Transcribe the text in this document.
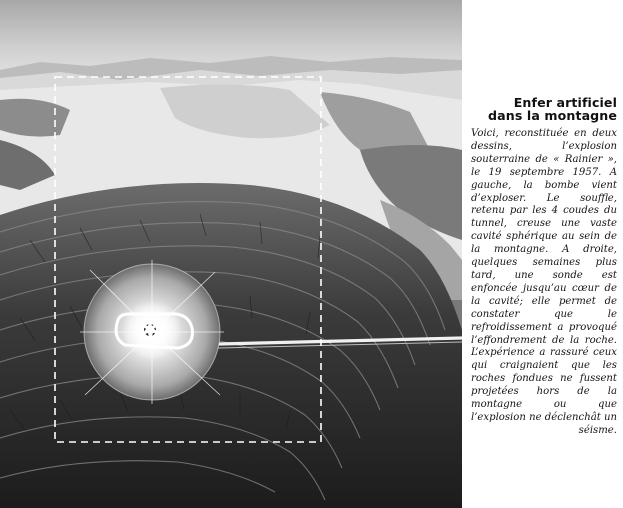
Enfer artificiel
dans la montagne

Voici, reconstituée en deux dessins, l’explosion souterraine de « Rainier », le 19 septembre 1957. A gauche, la bombe vient d’exploser. Le souffle, retenu par les 4 coudes du tunnel, creuse une vaste cavité sphérique au sein de la montagne. A droite, quelques semaines plus tard, une sonde est enfoncée jusqu’au cœur de la cavité; elle permet de constater que le refroidissement a provoqué l’effondrement de la roche. L’expérience a rassuré ceux qui craignaient que les roches fondues ne fussent projetées hors de la montagne ou que l’explosion ne déclenchât un séisme.
